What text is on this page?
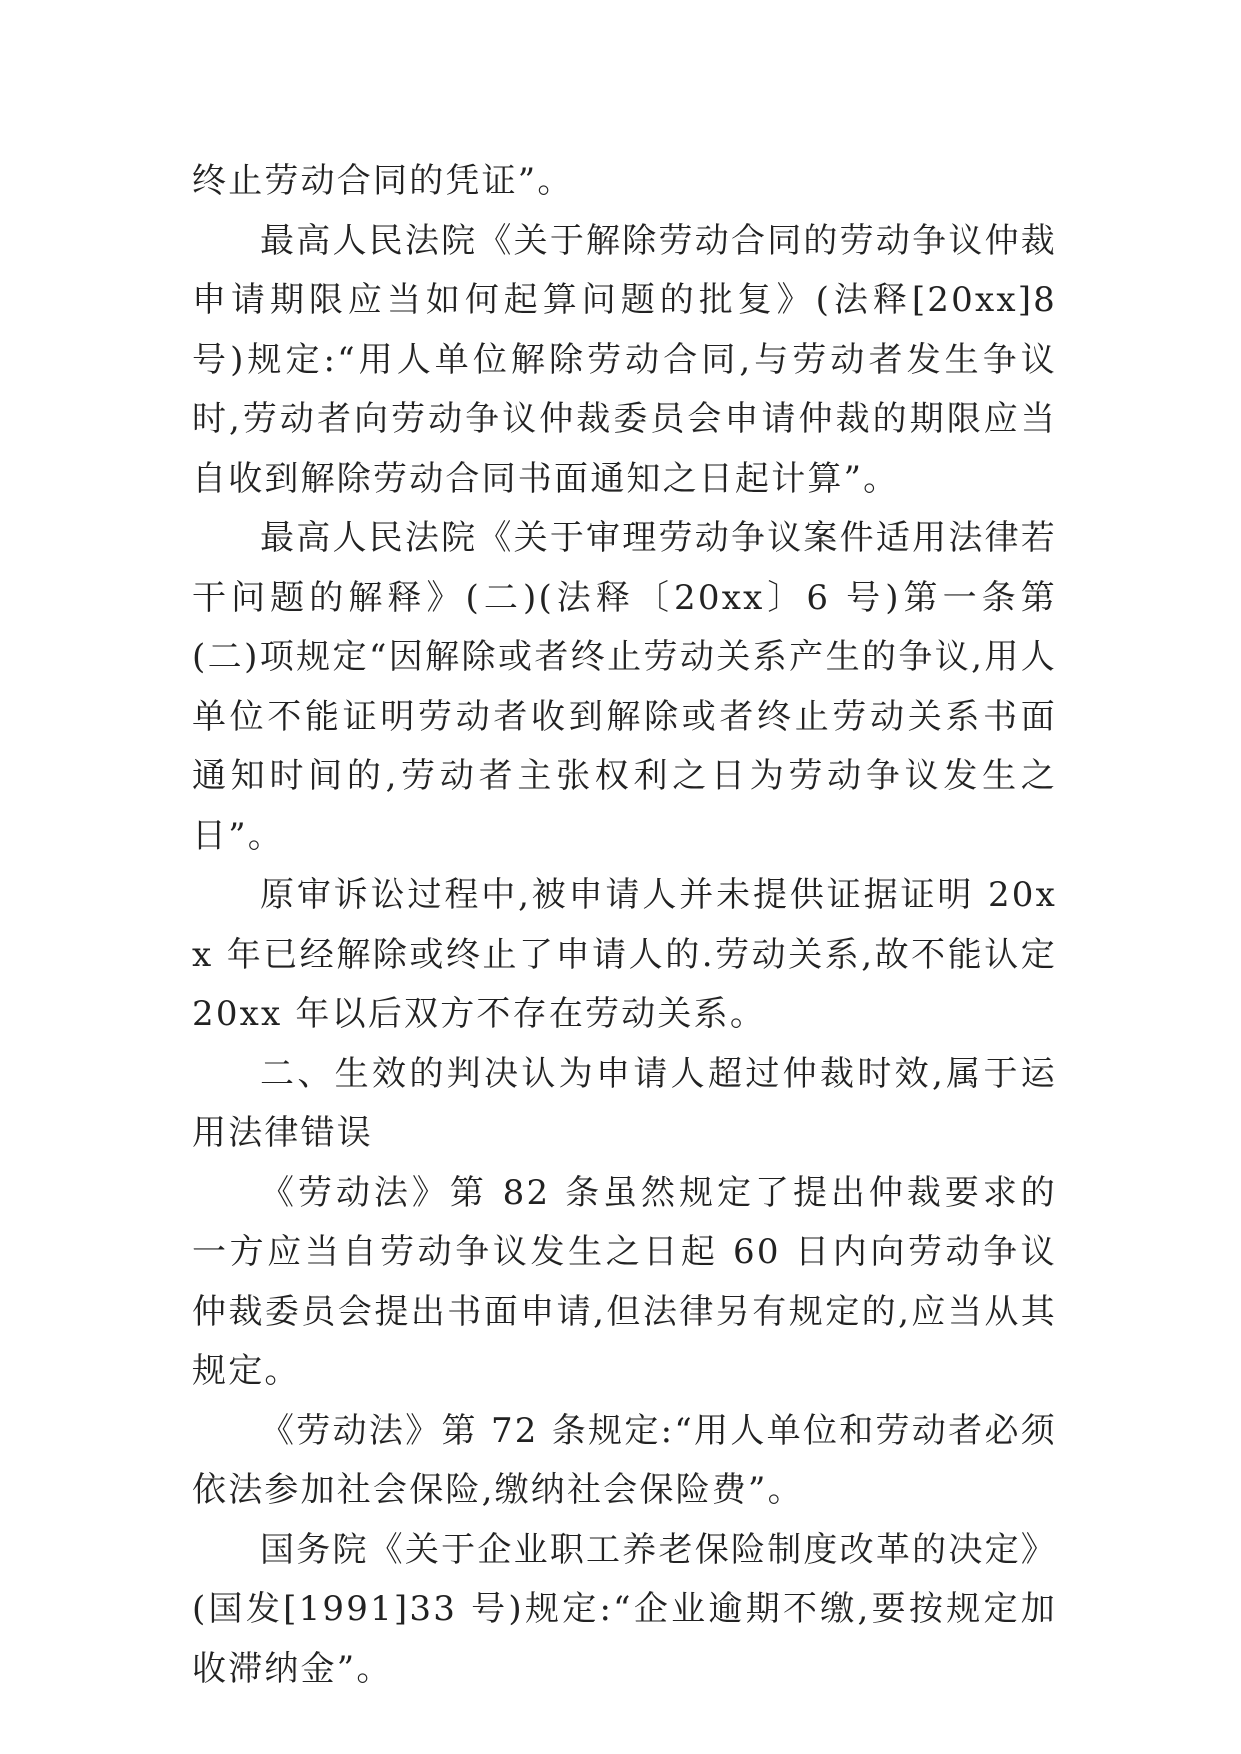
终止劳动合同的凭证”。

最高人民法院《关于解除劳动合同的劳动争议仲裁申请期限应当如何起算问题的批复》(法释[20xx]8 号)规定:“用人单位解除劳动合同,与劳动者发生争议时,劳动者向劳动争议仲裁委员会申请仲裁的期限应当自收到解除劳动合同书面通知之日起计算”。

最高人民法院《关于审理劳动争议案件适用法律若干问题的解释》(二)(法释〔20xx〕6 号)第一条第(二)项规定“因解除或者终止劳动关系产生的争议,用人单位不能证明劳动者收到解除或者终止劳动关系书面通知时间的,劳动者主张权利之日为劳动争议发生之日”。

原审诉讼过程中,被申请人并未提供证据证明 20xx 年已经解除或终止了申请人的.劳动关系,故不能认定 20xx 年以后双方不存在劳动关系。

二、生效的判决认为申请人超过仲裁时效,属于运用法律错误

《劳动法》第 82 条虽然规定了提出仲裁要求的一方应当自劳动争议发生之日起 60 日内向劳动争议仲裁委员会提出书面申请,但法律另有规定的,应当从其规定。

《劳动法》第 72 条规定:“用人单位和劳动者必须依法参加社会保险,缴纳社会保险费”。

国务院《关于企业职工养老保险制度改革的决定》(国发[1991]33 号)规定:“企业逾期不缴,要按规定加收滞纳金”。
